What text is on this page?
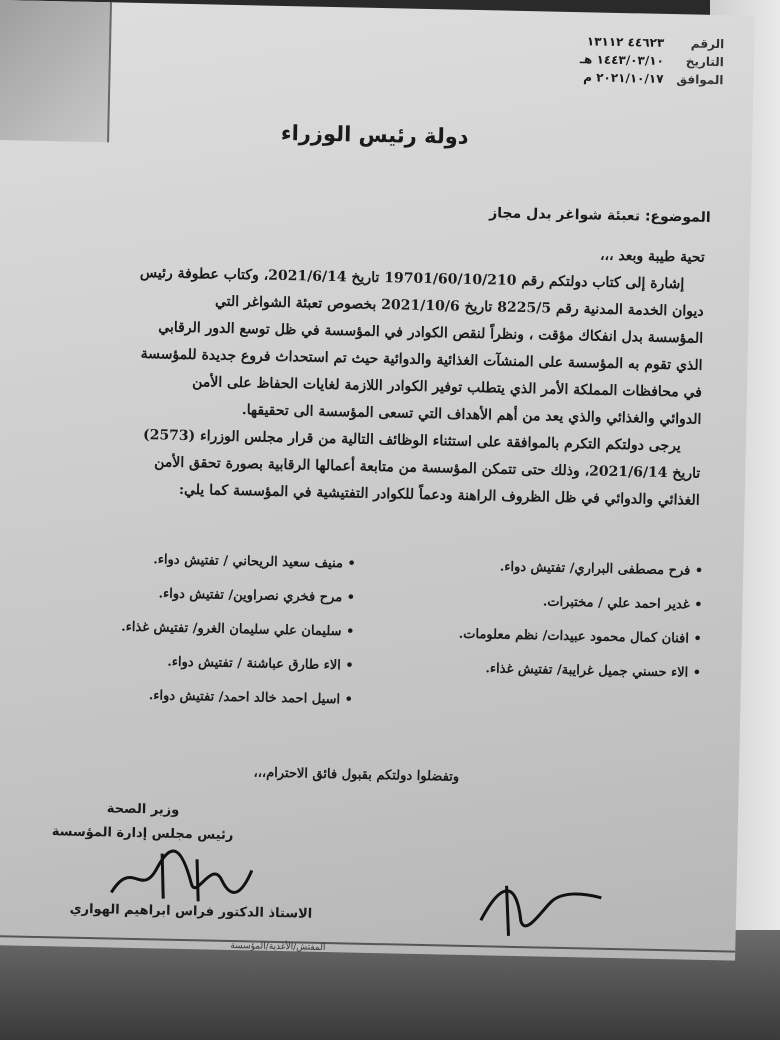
الرقم
٤٤٦٢٣ ١٣١١٢
التاريخ
١٤٤٣/٠٣/١٠ هـ
الموافق
٢٠٢١/١٠/١٧ م
دولة رئيس الوزراء
الموضوع: تعبئة شواغر بدل مجاز

تحية طيبة وبعد ،،،

إشارة إلى كتاب دولتكم رقم 19701/60/10/210 تاريخ 2021/6/14، وكتاب عطوفة رئيس

ديوان الخدمة المدنية رقم 8225/5 تاريخ 2021/10/6 بخصوص تعبئة الشواغر التي

المؤسسة بدل انفكاك مؤقت ، ونظراً لنقص الكوادر في المؤسسة في ظل توسع الدور الرقابي

الذي تقوم به المؤسسة على المنشآت الغذائية والدوائية حيث تم استحداث فروع جديدة للمؤسسة

في محافظات المملكة الأمر الذي يتطلب توفير الكوادر اللازمة لغايات الحفاظ على الأمن

الدوائي والغذائي والذي يعد من أهم الأهداف التي تسعى المؤسسة الى تحقيقها.

يرجى دولتكم التكرم بالموافقة على استثناء الوظائف التالية من قرار مجلس الوزراء (2573)

تاريخ 2021/6/14، وذلك حتى تتمكن المؤسسة من متابعة أعمالها الرقابية بصورة تحقق الأمن

الغذائي والدوائي في ظل الظروف الراهنة ودعماً للكوادر التفتيشية في المؤسسة كما يلي:

• فرح مصطفى البراري/ تفتيش دواء.
• غدير احمد علي / مختبرات.
• افنان كمال محمود عبيدات/ نظم معلومات.
• الاء حسني جميل غرايبة/ تفتيش غذاء.
• منيف سعيد الريحاني / تفتيش دواء.
• مرح فخري نصراوين/ تفتيش دواء.
• سليمان علي سليمان الغرو/ تفتيش غذاء.
• الاء طارق عباشنة / تفتيش دواء.
• اسيل احمد خالد احمد/ تفتيش دواء.
وتفضلوا دولتكم بقبول فائق الاحترام،،،
وزير الصحة
رئيس مجلس إدارة المؤسسة
الاستاذ الدكتور فراس ابراهيم الهواري
المفتش/الأغذية/المؤسسة
